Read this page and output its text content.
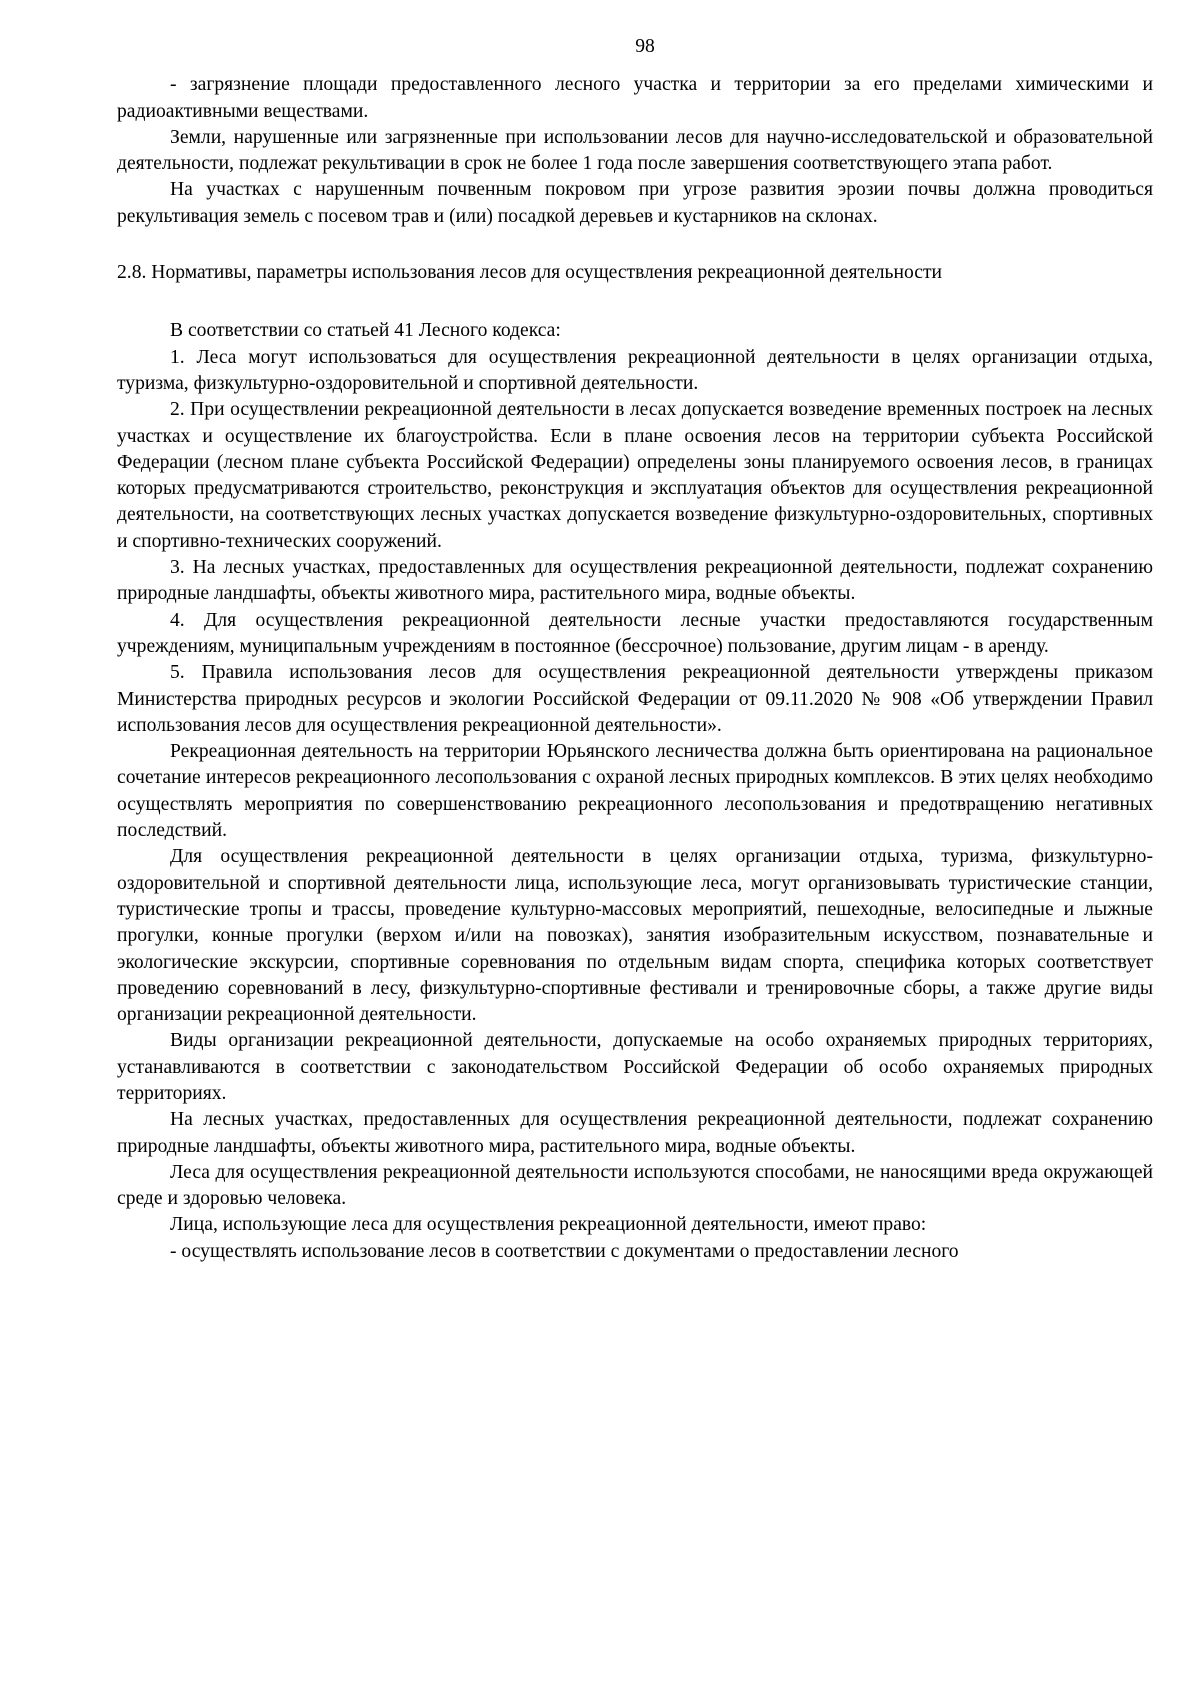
98

- загрязнение площади предоставленного лесного участка и территории за его пределами химическими и радиоактивными веществами.

Земли, нарушенные или загрязненные при использовании лесов для научно-исследовательской и образовательной деятельности, подлежат рекультивации в срок не более 1 года после завершения соответствующего этапа работ.

На участках с нарушенным почвенным покровом при угрозе развития эрозии почвы должна проводиться рекультивация земель с посевом трав и (или) посадкой деревьев и кустарников на склонах.

2.8. Нормативы, параметры использования лесов для осуществления рекреационной деятельности

В соответствии со статьей 41 Лесного кодекса:

1. Леса могут использоваться для осуществления рекреационной деятельности в целях организации отдыха, туризма, физкультурно-оздоровительной и спортивной деятельности.

2. При осуществлении рекреационной деятельности в лесах допускается возведение временных построек на лесных участках и осуществление их благоустройства. Если в плане освоения лесов на территории субъекта Российской Федерации (лесном плане субъекта Российской Федерации) определены зоны планируемого освоения лесов, в границах которых предусматриваются строительство, реконструкция и эксплуатация объектов для осуществления рекреационной деятельности, на соответствующих лесных участках допускается возведение физкультурно-оздоровительных, спортивных и спортивно-технических сооружений.

3. На лесных участках, предоставленных для осуществления рекреационной деятельности, подлежат сохранению природные ландшафты, объекты животного мира, растительного мира, водные объекты.

4. Для осуществления рекреационной деятельности лесные участки предоставляются государственным учреждениям, муниципальным учреждениям в постоянное (бессрочное) пользование, другим лицам - в аренду.

5. Правила использования лесов для осуществления рекреационной деятельности утверждены приказом Министерства природных ресурсов и экологии Российской Федерации от 09.11.2020 № 908 «Об утверждении Правил использования лесов для осуществления рекреационной деятельности».

Рекреационная деятельность на территории Юрьянского лесничества должна быть ориентирована на рациональное сочетание интересов рекреационного лесопользования с охраной лесных природных комплексов. В этих целях необходимо осуществлять мероприятия по совершенствованию рекреационного лесопользования и предотвращению негативных последствий.

Для осуществления рекреационной деятельности в целях организации отдыха, туризма, физкультурно-оздоровительной и спортивной деятельности лица, использующие леса, могут организовывать туристические станции, туристические тропы и трассы, проведение культурно-массовых мероприятий, пешеходные, велосипедные и лыжные прогулки, конные прогулки (верхом и/или на повозках), занятия изобразительным искусством, познавательные и экологические экскурсии, спортивные соревнования по отдельным видам спорта, специфика которых соответствует проведению соревнований в лесу, физкультурно-спортивные фестивали и тренировочные сборы, а также другие виды организации рекреационной деятельности.

Виды организации рекреационной деятельности, допускаемые на особо охраняемых природных территориях, устанавливаются в соответствии с законодательством Российской Федерации об особо охраняемых природных территориях.

На лесных участках, предоставленных для осуществления рекреационной деятельности, подлежат сохранению природные ландшафты, объекты животного мира, растительного мира, водные объекты.

Леса для осуществления рекреационной деятельности используются способами, не наносящими вреда окружающей среде и здоровью человека.

Лица, использующие леса для осуществления рекреационной деятельности, имеют право:

- осуществлять использование лесов в соответствии с документами о предоставлении лесного
